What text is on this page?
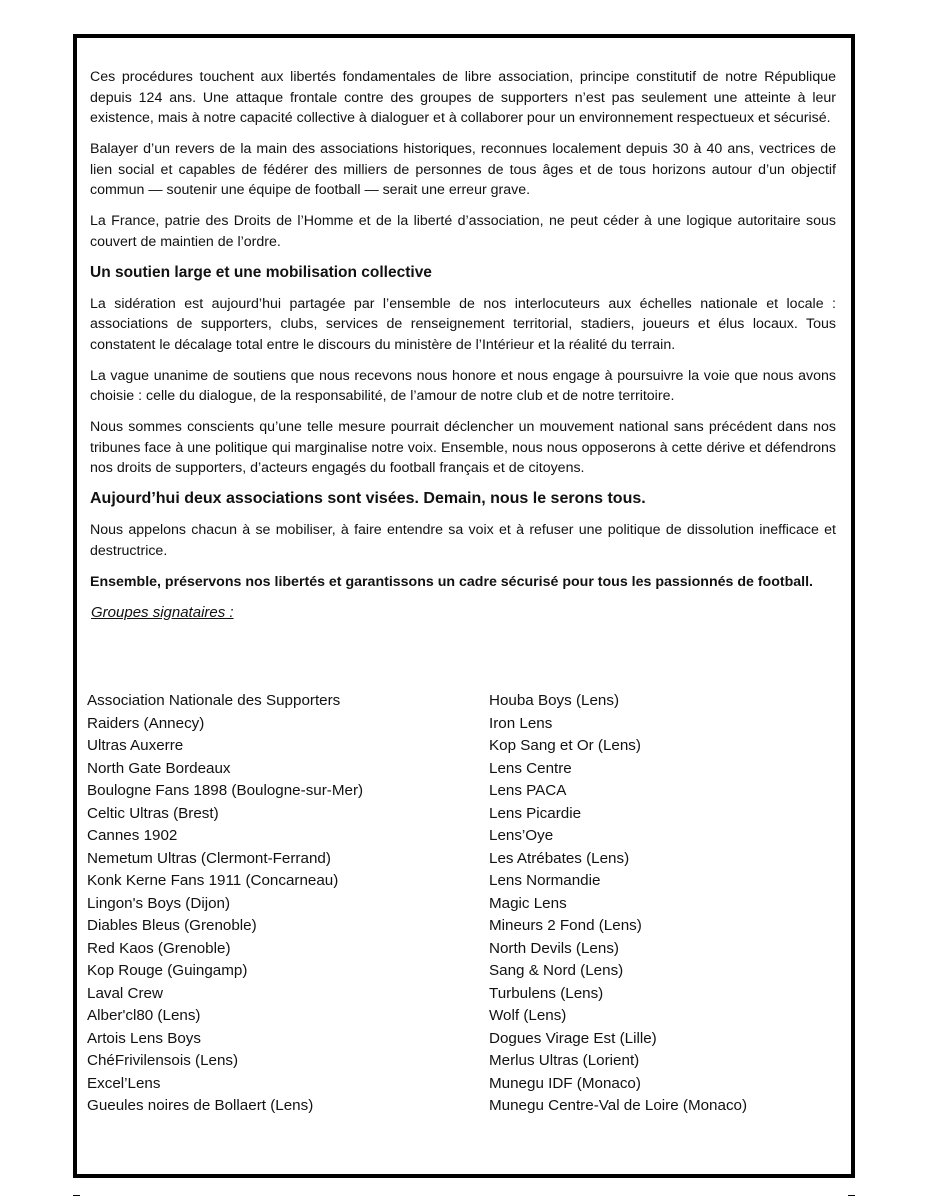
Ces procédures touchent aux libertés fondamentales de libre association, principe constitutif de notre République depuis 124 ans. Une attaque frontale contre des groupes de supporters n’est pas seulement une atteinte à leur existence, mais à notre capacité collective à dialoguer et à collaborer pour un environnement respectueux et sécurisé.

Balayer d’un revers de la main des associations historiques, reconnues localement depuis 30 à 40 ans, vectrices de lien social et capables de fédérer des milliers de personnes de tous âges et de tous horizons autour d’un objectif commun — soutenir une équipe de football — serait une erreur grave.

La France, patrie des Droits de l’Homme et de la liberté d’association, ne peut céder à une logique autoritaire sous couvert de maintien de l’ordre.

Un soutien large et une mobilisation collective

La sidération est aujourd’hui partagée par l’ensemble de nos interlocuteurs aux échelles nationale et locale : associations de supporters, clubs, services de renseignement territorial, stadiers, joueurs et élus locaux. Tous constatent le décalage total entre le discours du ministère de l’Intérieur et la réalité du terrain.

La vague unanime de soutiens que nous recevons nous honore et nous engage à poursuivre la voie que nous avons choisie : celle du dialogue, de la responsabilité, de l’amour de notre club et de notre territoire.

Nous sommes conscients qu’une telle mesure pourrait déclencher un mouvement national sans précédent dans nos tribunes face à une politique qui marginalise notre voix. Ensemble, nous nous opposerons à cette dérive et défendrons nos droits de supporters, d’acteurs engagés du football français et de citoyens.

Aujourd’hui deux associations sont visées. Demain, nous le serons tous.

Nous appelons chacun à se mobiliser, à faire entendre sa voix et à refuser une politique de dissolution inefficace et destructrice.

Ensemble, préservons nos libertés et garantissons un cadre sécurisé pour tous les passionnés de football.

Groupes signataires :

Association Nationale des Supporters
Raiders (Annecy)
Ultras Auxerre
North Gate Bordeaux
Boulogne Fans 1898 (Boulogne-sur-Mer)
Celtic Ultras (Brest)
Cannes 1902
Nemetum Ultras (Clermont-Ferrand)
Konk Kerne Fans 1911 (Concarneau)
Lingon's Boys (Dijon)
Diables Bleus (Grenoble)
Red Kaos (Grenoble)
Kop Rouge (Guingamp)
Laval Crew
Alber'cl80 (Lens)
Artois Lens Boys
ChéFrivilensois (Lens)
Excel’Lens
Gueules noires de Bollaert (Lens)
Houba Boys (Lens)
Iron Lens
Kop Sang et Or (Lens)
Lens Centre
Lens PACA
Lens Picardie
Lens’Oye
Les Atrébates (Lens)
Lens Normandie
Magic Lens
Mineurs 2 Fond (Lens)
North Devils (Lens)
Sang & Nord (Lens)
Turbulens (Lens)
Wolf (Lens)
Dogues Virage Est (Lille)
Merlus Ultras (Lorient)
Munegu IDF (Monaco)
Munegu Centre-Val de Loire (Monaco)
